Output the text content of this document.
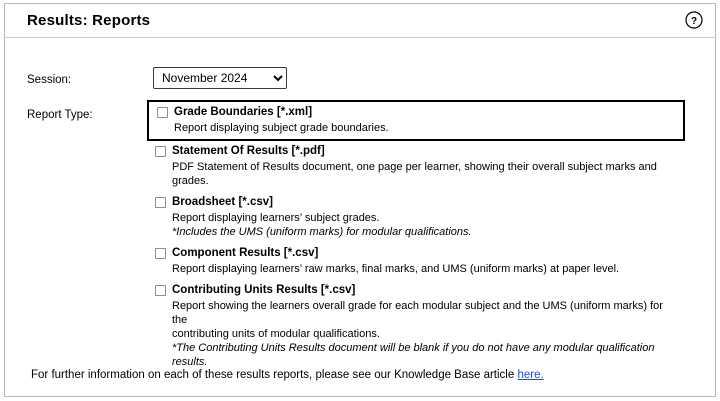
Results: Reports	?
Session:
November 2024
Report Type:	Grade Boundaries [*.xml]
Report displaying subject grade boundaries.
Statement Of Results [*.pdf]
PDF Statement of Results document, one page per learner, showing their overall subject marks and grades.
Broadsheet [*.csv]
Report displaying learners’ subject grades.
*Includes the UMS (uniform marks) for modular qualifications.
Component Results [*.csv]
Report displaying learners’ raw marks, final marks, and UMS (uniform marks) at paper level.
Contributing Units Results [*.csv]
Report showing the learners overall grade for each modular subject and the UMS (uniform marks) for the
contributing units of modular qualifications.
*The Contributing Units Results document will be blank if you do not have any modular qualification results.
For further information on each of these results reports, please see our Knowledge Base article here.
